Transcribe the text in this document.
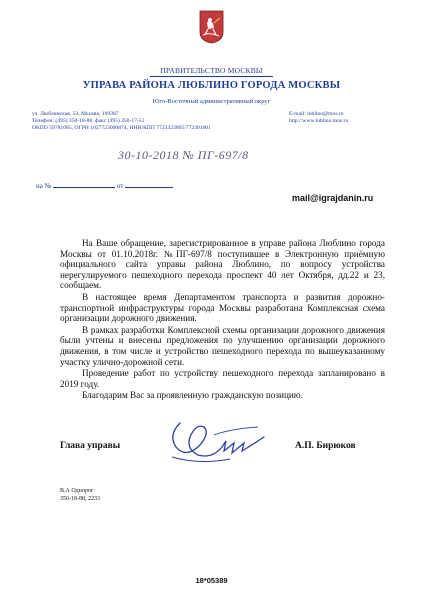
ПРАВИТЕЛЬСТВО МОСКВЫ
УПРАВА РАЙОНА ЛЮБЛИНО ГОРОДА МОСКВЫ
Юго-Восточный административный округ
ул. Люблинская, 53, Москва, 109387
Телефон: (495) 350-18-88, факс (495) 350-17-51
ОКПО 59781085, ОГРН 1027723000874, ИНН/КПП 7723323895/772301001
E-mail: lublino@mos.ru
http://www.lublino.mos.ru
30-10-2018 № ПГ-697/8
на №	от
mail@igrajdanin.ru

На Ваше обращение, зарегистрированное в управе района Люблино города Москвы от 01.10.2018г. №ПГ-697/8 поступившее в Электронную приёмную официального сайта управы района Люблино, по вопросу устройства нерегулируемого пешеходного перехода проспект 40 лет Октября, дд.22 и 23, сообщаем.

В настоящее время Департаментом транспорта и развития дорожно-транспортной инфраструктуры города Москвы разработана Комплексная схема организации дорожного движения.

В рамках разработки Комплексной схемы организации дорожного движения были учтены и внесены предложения по улучшению организации дорожного движения, в том числе и устройство пешеходного перехода по вышеуказанному участку улично-дорожной сети.

Проведение работ по устройству пешеходного перехода запланировано в 2019 году.

Благодарим Вас за проявленную гражданскую позицию.

Глава управы	А.П. Бирюков
В.А Однорог
350-18-88, 2233
18*05389
